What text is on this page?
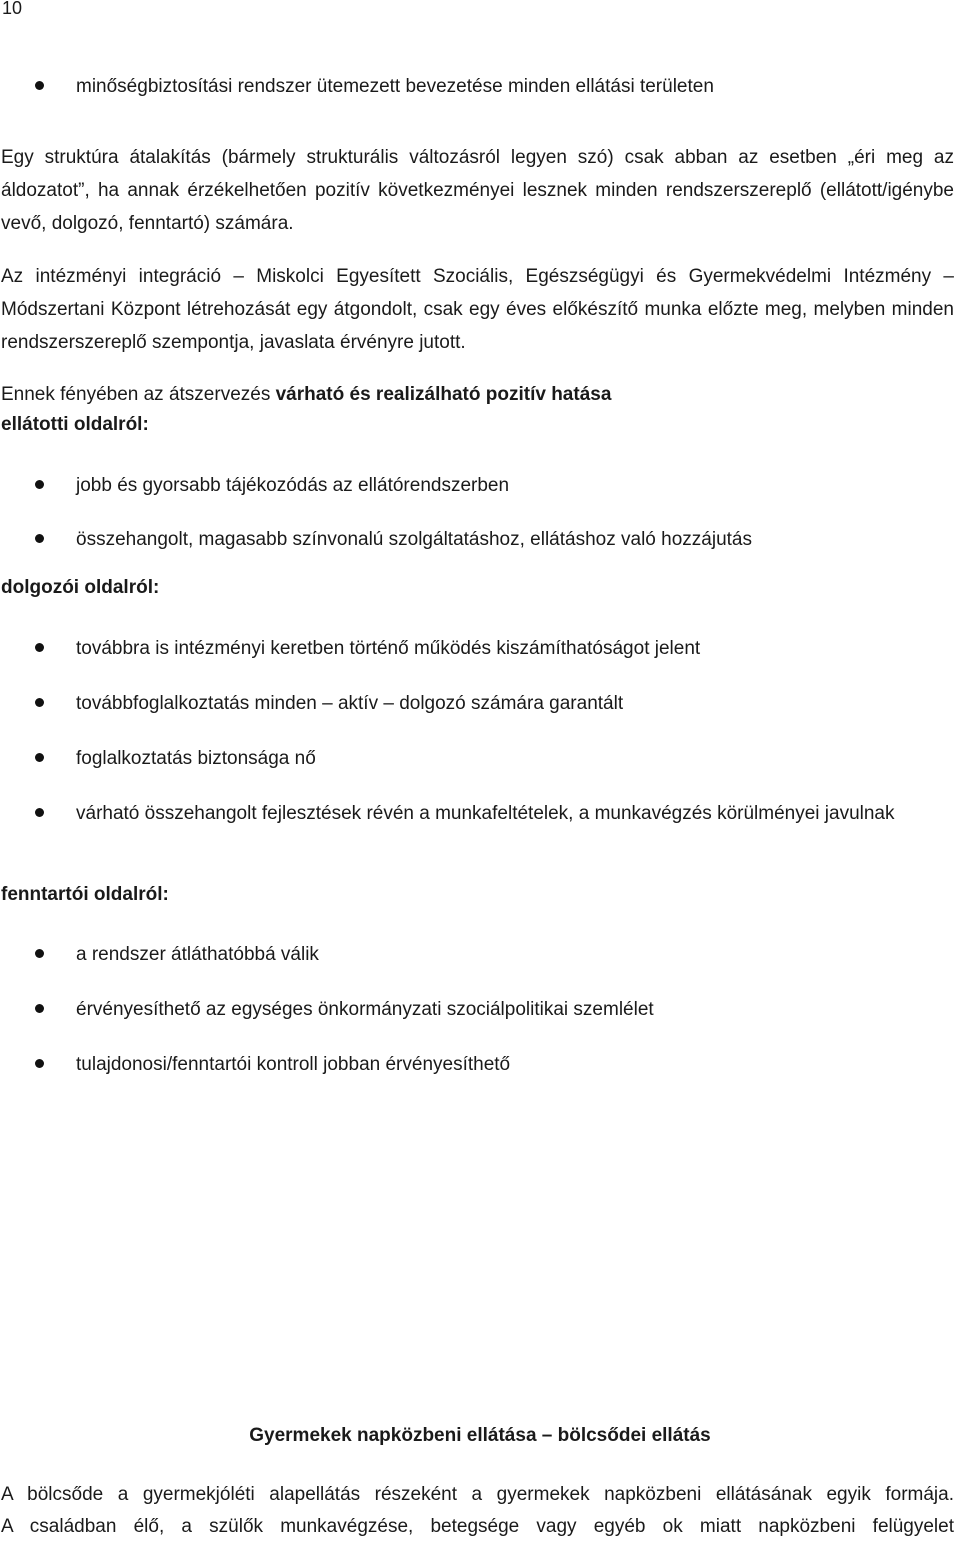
10
minőségbiztosítási rendszer ütemezett bevezetése minden ellátási területen

Egy struktúra átalakítás (bármely strukturális változásról legyen szó) csak abban az esetben „éri meg az áldozatot”, ha annak érzékelhetően pozitív következményei lesznek minden rendszerszereplő (ellátott/igénybe vevő, dolgozó, fenntartó) számára.

Az intézményi integráció – Miskolci Egyesített Szociális, Egészségügyi és Gyermekvédelmi Intézmény – Módszertani Központ létrehozását egy átgondolt, csak egy éves előkészítő munka előzte meg, melyben minden rendszerszereplő szempontja, javaslata érvényre jutott.

Ennek fényében az átszervezés várható és realizálható pozitív hatása

ellátotti oldalról:
jobb és gyorsabb tájékozódás az ellátórendszerben
összehangolt, magasabb színvonalú szolgáltatáshoz, ellátáshoz való hozzájutás
dolgozói oldalról:
továbbra is intézményi keretben történő működés kiszámíthatóságot jelent
továbbfoglalkoztatás minden – aktív – dolgozó számára garantált
foglalkoztatás biztonsága nő
várható összehangolt fejlesztések révén a munkafeltételek, a munkavégzés körülményei javulnak
fenntartói oldalról:
a rendszer átláthatóbbá válik
érvényesíthető az egységes önkormányzati szociálpolitikai szemlélet
tulajdonosi/fenntartói kontroll jobban érvényesíthető
Gyermekek napközbeni ellátása – bölcsődei ellátás
A bölcsőde a gyermekjóléti alapellátás részeként a gyermekek napközbeni ellátásának egyik formája.
A családban élő, a szülők munkavégzése, betegsége vagy egyéb ok miatt napközbeni felügyelet
